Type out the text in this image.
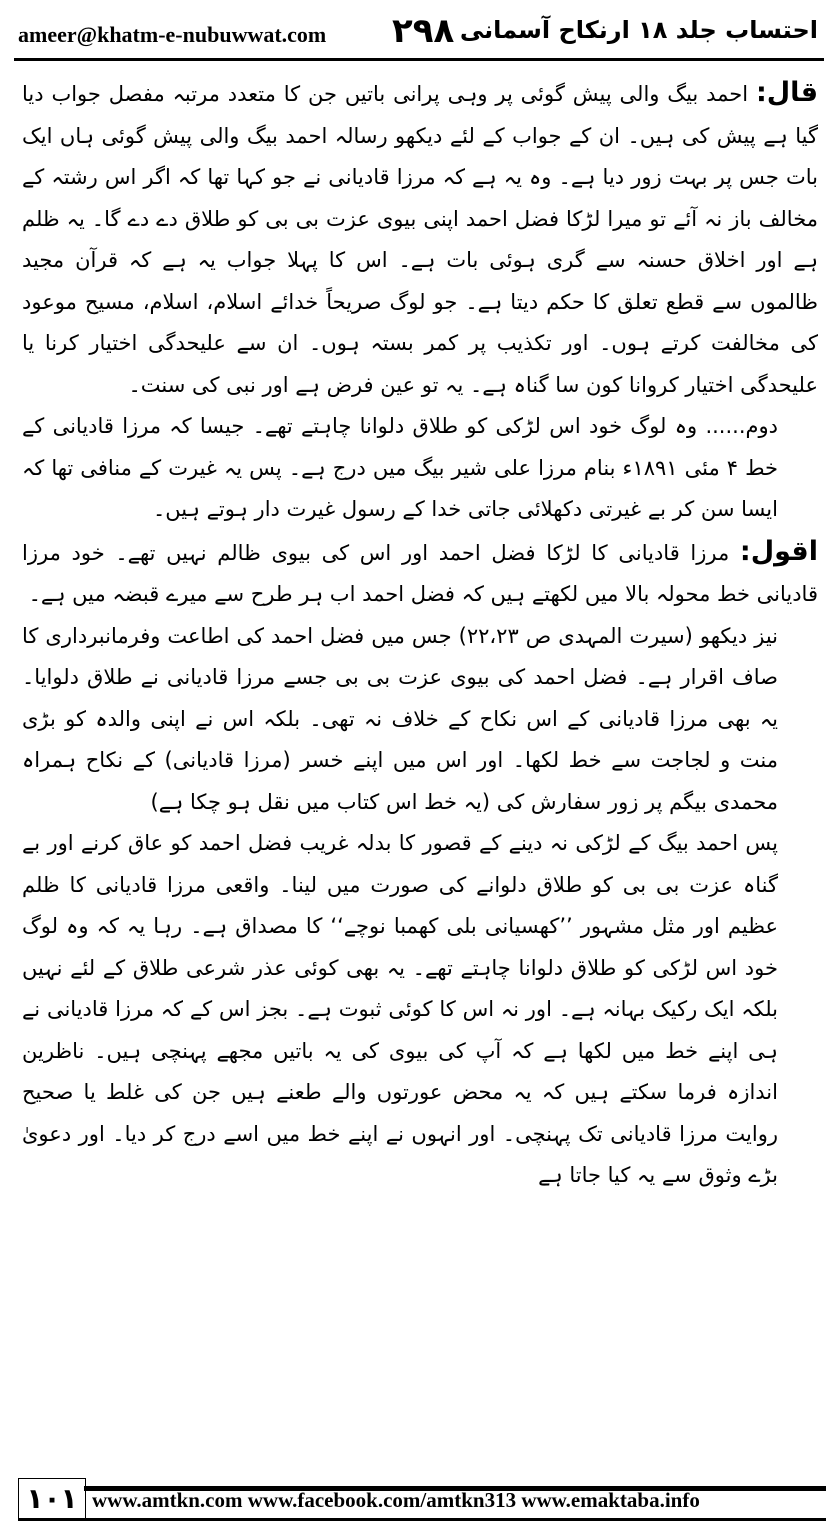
ameer@khatm-e-nubuwwat.com ۲۹۸ احتساب جلد ۱۸ ارنکاح آسمانی

قال: احمد بیگ والی پیش گوئی پر وہی پرانی باتیں جن کا متعدد مرتبہ مفصل جواب دیا گیا ہے پیش کی ہیں۔ ان کے جواب کے لئے دیکھو رسالہ احمد بیگ والی پیش گوئی ہاں ایک بات جس پر بہت زور دیا ہے۔ وہ یہ ہے کہ مرزا قادیانی نے جو کہا تھا کہ اگر اس رشتہ کے مخالف باز نہ آئے تو میرا لڑکا فضل احمد اپنی بیوی عزت بی بی کو طلاق دے دے گا۔ یہ ظلم ہے اور اخلاق حسنہ سے گری ہوئی بات ہے۔ اس کا پہلا جواب یہ ہے کہ قرآن مجید ظالموں سے قطع تعلق کا حکم دیتا ہے۔ جو لوگ صریحاً خدائے اسلام، اسلام، مسیح موعود کی مخالفت کرتے ہوں۔ اور تکذیب پر کمر بستہ ہوں۔ ان سے علیحدگی اختیار کرنا یا علیحدگی اختیار کروانا کون سا گناہ ہے۔ یہ تو عین فرض ہے اور نبی کی سنت۔

دوم...... وہ لوگ خود اس لڑکی کو طلاق دلوانا چاہتے تھے۔ جیسا کہ مرزا قادیانی کے خط ۴ مئی ۱۸۹۱ء بنام مرزا علی شیر بیگ میں درج ہے۔ پس یہ غیرت کے منافی تھا کہ ایسا سن کر بے غیرتی دکھلائی جاتی خدا کے رسول غیرت دار ہوتے ہیں۔

اقول: مرزا قادیانی کا لڑکا فضل احمد اور اس کی بیوی ظالم نہیں تھے۔ خود مرزا قادیانی خط محولہ بالا میں لکھتے ہیں کہ فضل احمد اب ہر طرح سے میرے قبضہ میں ہے۔

نیز دیکھو (سیرت المہدی ص ۲۲،۲۳) جس میں فضل احمد کی اطاعت وفرمانبرداری کا صاف اقرار ہے۔ فضل احمد کی بیوی عزت بی بی جسے مرزا قادیانی نے طلاق دلوایا۔ یہ بھی مرزا قادیانی کے اس نکاح کے خلاف نہ تھی۔ بلکہ اس نے اپنی والدہ کو بڑی منت و لجاجت سے خط لکھا۔ اور اس میں اپنے خسر (مرزا قادیانی) کے نکاح ہمراہ محمدی بیگم پر زور سفارش کی (یہ خط اس کتاب میں نقل ہو چکا ہے)

پس احمد بیگ کے لڑکی نہ دینے کے قصور کا بدلہ غریب فضل احمد کو عاق کرنے اور بے گناہ عزت بی بی کو طلاق دلوانے کی صورت میں لینا۔ واقعی مرزا قادیانی کا ظلم عظیم اور مثل مشہور ’’کھسیانی بلی کھمبا نوچے‘‘ کا مصداق ہے۔ رہا یہ کہ وہ لوگ خود اس لڑکی کو طلاق دلوانا چاہتے تھے۔ یہ بھی کوئی عذر شرعی طلاق کے لئے نہیں بلکہ ایک رکیک بہانہ ہے۔ اور نہ اس کا کوئی ثبوت ہے۔ بجز اس کے کہ مرزا قادیانی نے ہی اپنے خط میں لکھا ہے کہ آپ کی بیوی کی یہ باتیں مجھے پہنچی ہیں۔ ناظرین اندازہ فرما سکتے ہیں کہ یہ محض عورتوں والے طعنے ہیں جن کی غلط یا صحیح روایت مرزا قادیانی تک پہنچی۔ اور انہوں نے اپنے خط میں اسے درج کر دیا۔ اور دعویٰ بڑے وثوق سے یہ کیا جاتا ہے

۱۰۱ www.amtkn.com www.facebook.com/amtkn313 www.emaktaba.info
